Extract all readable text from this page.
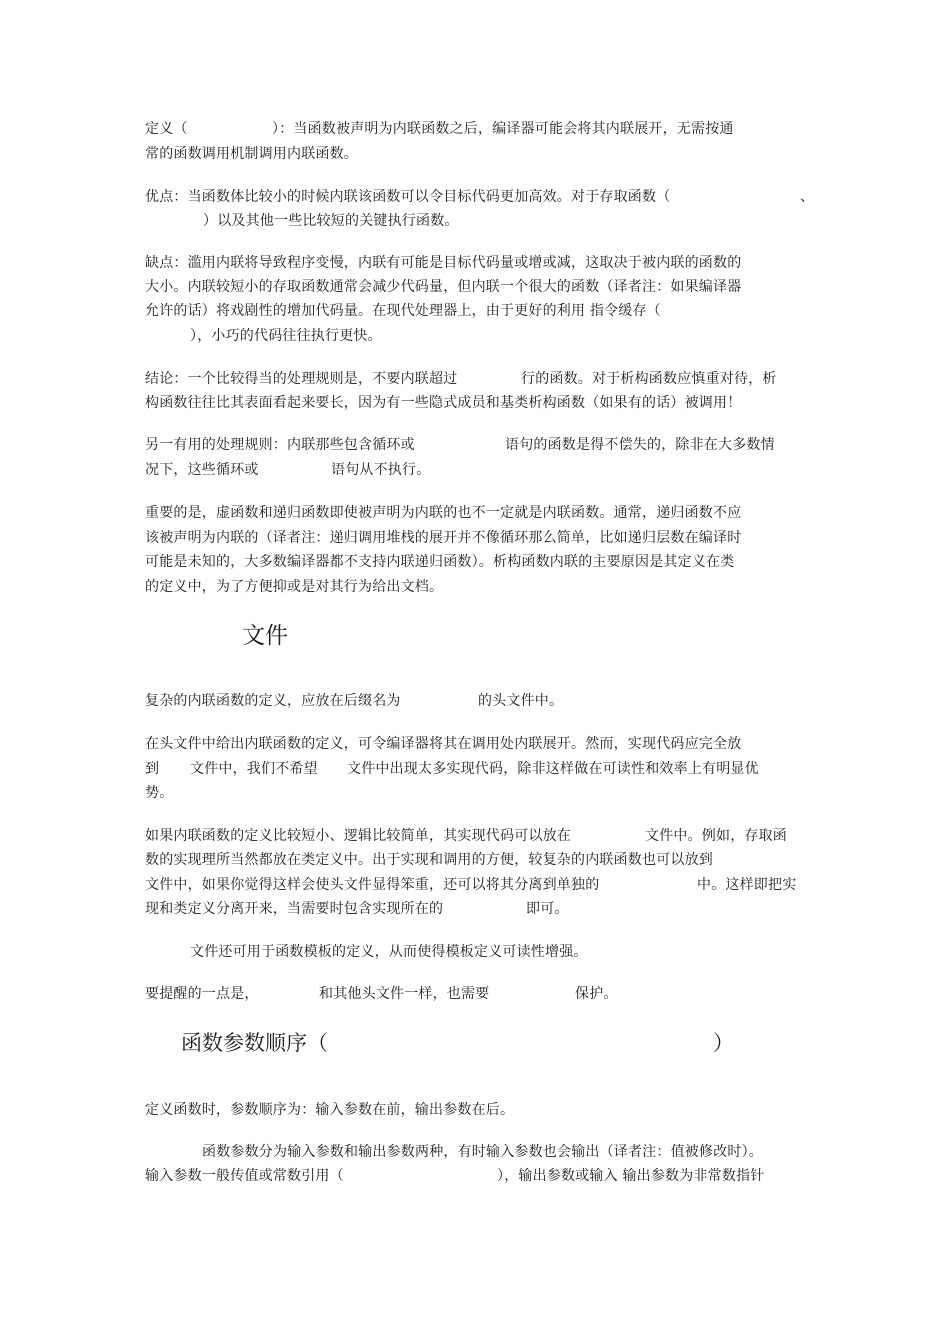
定义（	）：当函数被声明为内联函数之后，编译器可能会将其内联展开，无需按通
常的函数调用机制调用内联函数。
优点：当函数体比较小的时候内联该函数可以令目标代码更加高效。对于存取函数（	、
）以及其他一些比较短的关键执行函数。
缺点：滥用内联将导致程序变慢，内联有可能是目标代码量或增或减，这取决于被内联的函数的
大小。内联较短小的存取函数通常会减少代码量，但内联一个很大的函数（译者注：如果编译器
允许的话）将戏剧性的增加代码量。在现代处理器上，由于更好的利用 指令缓存（
），小巧的代码往往执行更快。
结论：一个比较得当的处理规则是，不要内联超过	行的函数。对于析构函数应慎重对待，析
构函数往往比其表面看起来要长，因为有一些隐式成员和基类析构函数（如果有的话）被调用！
另一有用的处理规则：内联那些包含循环或	语句的函数是得不偿失的，除非在大多数情
况下，这些循环或	语句从不执行。
重要的是，虚函数和递归函数即使被声明为内联的也不一定就是内联函数。通常，递归函数不应
该被声明为内联的（译者注：递归调用堆栈的展开并不像循环那么简单，比如递归层数在编译时
可能是未知的，大多数编译器都不支持内联递归函数）。析构函数内联的主要原因是其定义在类
的定义中，为了方便抑或是对其行为给出文档。
文件
复杂的内联函数的定义，应放在后缀名为	的头文件中。
在头文件中给出内联函数的定义，可令编译器将其在调用处内联展开。然而，实现代码应完全放
到 文件中，我们不希望 文件中出现太多实现代码，除非这样做在可读性和效率上有明显优
势。
如果内联函数的定义比较短小、逻辑比较简单，其实现代码可以放在	文件中。例如，存取函
数的实现理所当然都放在类定义中。出于实现和调用的方便，较复杂的内联函数也可以放到
文件中，如果你觉得这样会使头文件显得笨重，还可以将其分离到单独的	中。这样即把实
现和类定义分离开来，当需要时包含实现所在的	即可。
文件还可用于函数模板的定义，从而使得模板定义可读性增强。
要提醒的一点是，	和其他头文件一样，也需要	保护。
函数参数顺序（	）
定义函数时，参数顺序为：输入参数在前，输出参数在后。
函数参数分为输入参数和输出参数两种，有时输入参数也会输出（译者注：值被修改时）。
输入参数一般传值或常数引用（	），输出参数或输入 输出参数为非常数指针
